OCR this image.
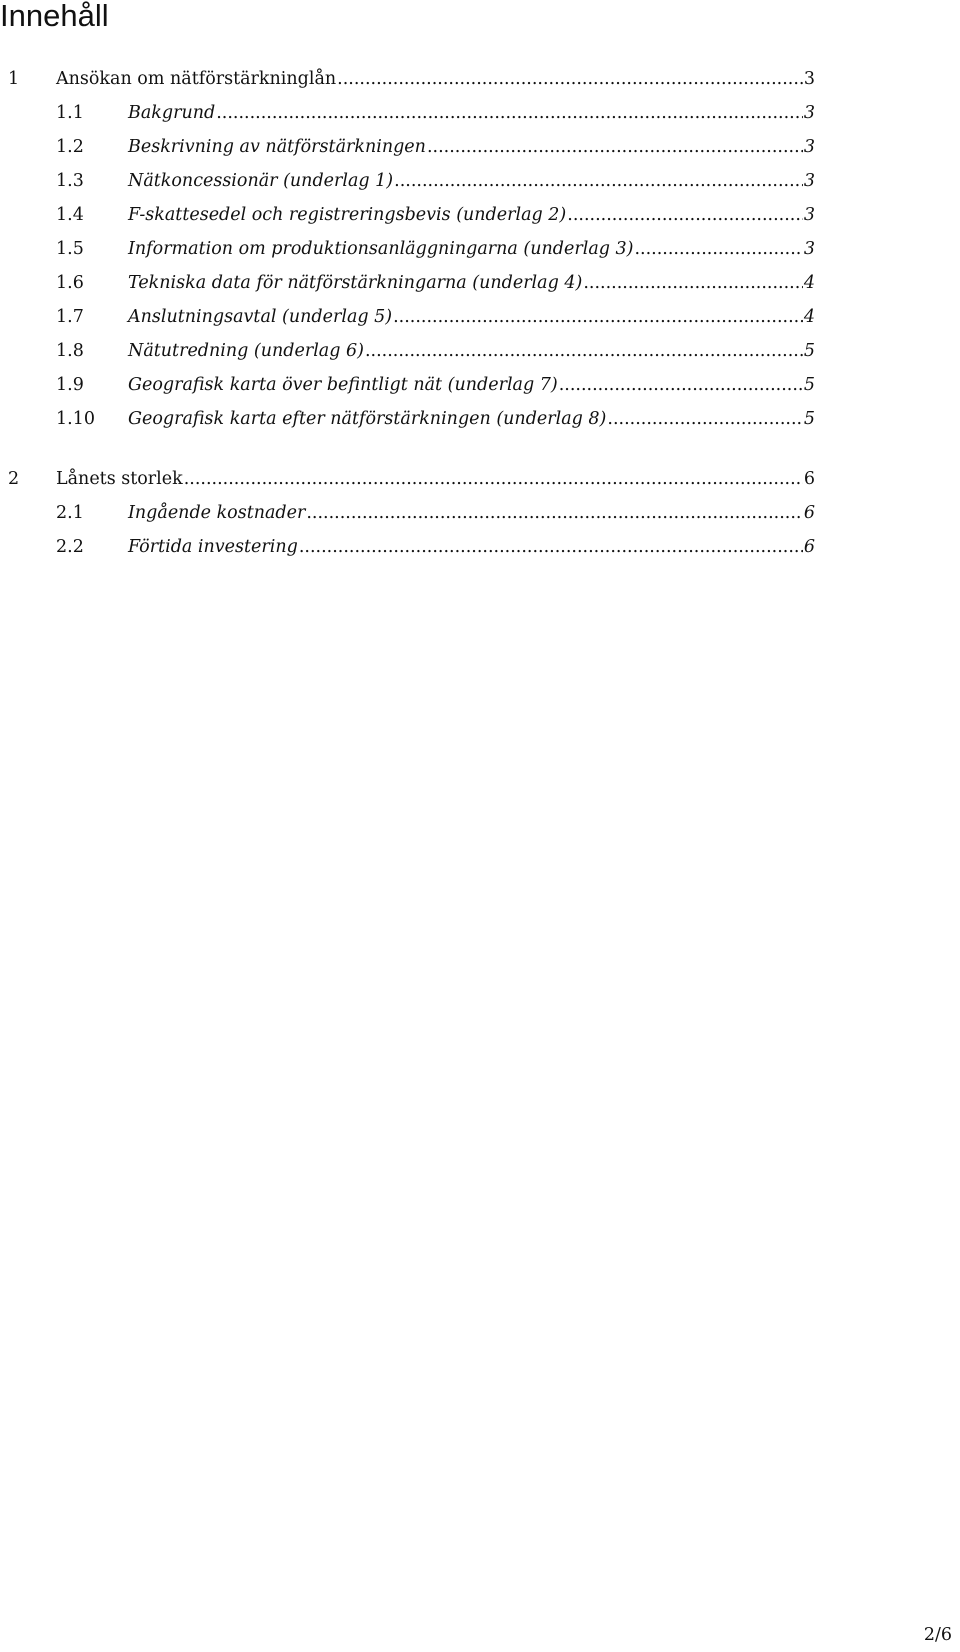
Innehåll
1	Ansökan om nätförstärkninglån .....	3
1.1	Bakgrund .....	3
1.2	Beskrivning av nätförstärkningen .....	3
1.3	Nätkoncessionär (underlag 1) .....	3
1.4	F-skattesedel och registreringsbevis (underlag 2) .....	3
1.5	Information om produktionsanläggningarna (underlag 3) .....	3
1.6	Tekniska data för nätförstärkningarna (underlag 4) .....	4
1.7	Anslutningsavtal (underlag 5) .....	4
1.8	Nätutredning (underlag 6) .....	5
1.9	Geografisk karta över befintligt nät (underlag 7) .....	5
1.10	Geografisk karta efter nätförstärkningen (underlag 8) .....	5
2	Lånets storlek .....	6
2.1	Ingående kostnader .....	6
2.2	Förtida investering .....	6
2/6
